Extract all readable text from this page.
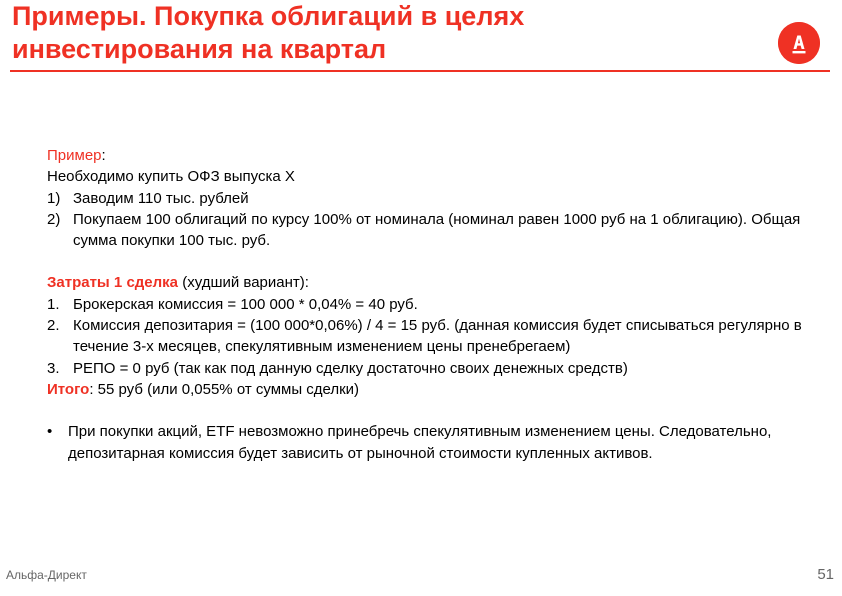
Примеры. Покупка облигаций в целях
инвестирования на квартал

Пример:

Необходимо купить ОФЗ выпуска Х

1) Заводим 110 тыс. рублей
2) Покупаем 100 облигаций по курсу 100% от номинала (номинал равен 1000 руб на 1 облигацию). Общая сумма покупки 100 тыс. руб.

Затраты 1 сделка (худший вариант):

1. Брокерская комиссия = 100 000 * 0,04% = 40 руб.
2. Комиссия депозитария = (100 000*0,06%) / 4 = 15 руб. (данная комиссия будет списываться регулярно в течение 3-х месяцев, спекулятивным изменением цены пренебрегаем)
3. РЕПО = 0 руб (так как под данную сделку достаточно своих денежных средств)

Итого: 55 руб (или 0,055% от суммы сделки)

• При покупки акций, ETF невозможно принебречь спекулятивным изменением цены. Следовательно, депозитарная комиссия будет зависить от рыночной стоимости купленных активов.
Альфа-Директ	51
